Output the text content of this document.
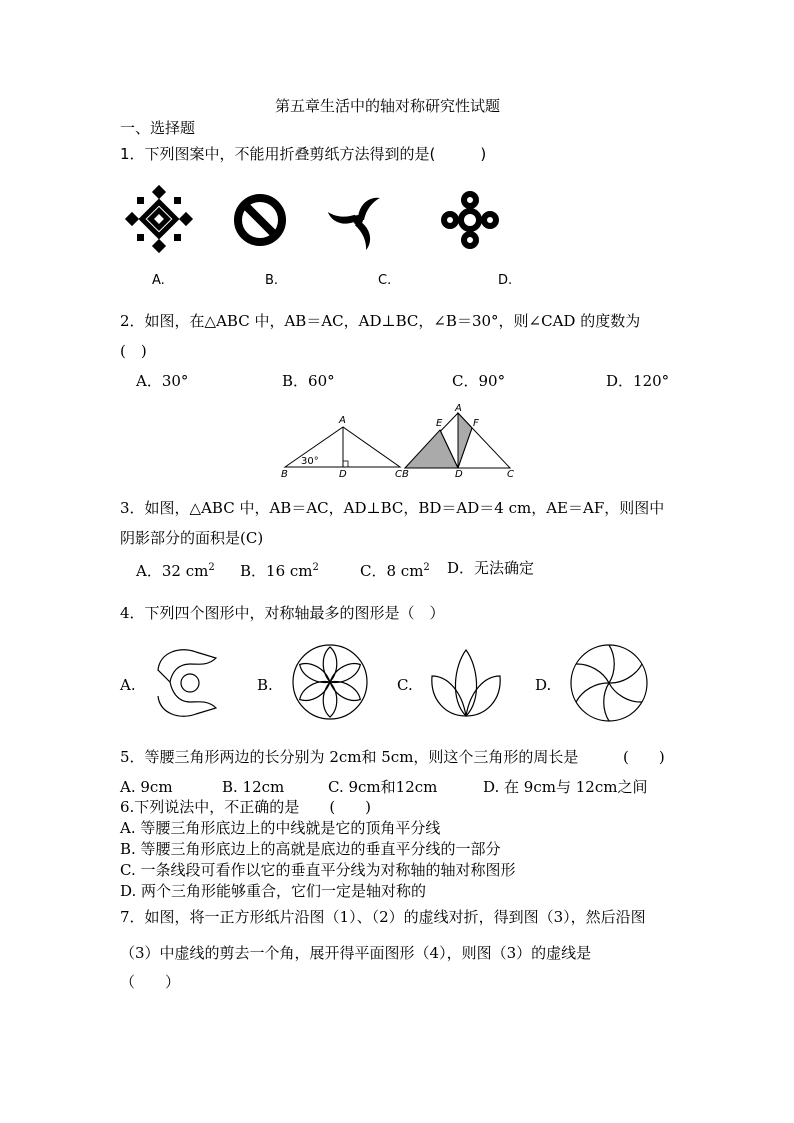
第五章生活中的轴对称研究性试题
一、选择题
1．下列图案中，不能用折叠剪纸方法得到的是(　　　)
A.	B.	C.	D.
2．如图，在△ABC 中，AB＝AC，AD⊥BC，∠B＝30°，则∠CAD 的度数为
(　)
A．30°	B．60°	C．90°	D．120°
A
B	D	C
30°
A
E	F
B	D	C
3．如图，△ABC 中，AB＝AC，AD⊥BC，BD＝AD＝4 cm，AE＝AF，则图中
阴影部分的面积是(C)
A．32 $cm^2$ B．16 $cm^2$	C．8 $cm^2$ D．无法确定
4．下列四个图形中，对称轴最多的图形是（　）
A.	B.	C.	D.
5．等腰三角形两边的长分别为 2cm和 5cm，则这个三角形的周长是	(　　)
A. 9cm	B. 12cm	C. 9cm和12cm	D. 在 9cm与 12cm之间
6.下列说法中，不正确的是　　(　　)
A. 等腰三角形底边上的中线就是它的顶角平分线
B. 等腰三角形底边上的高就是底边的垂直平分线的一部分
C. 一条线段可看作以它的垂直平分线为对称轴的轴对称图形
D. 两个三角形能够重合，它们一定是轴对称的
7．如图，将一正方形纸片沿图（1）、（2）的虚线对折，得到图（3），然后沿图
（3）中虚线的剪去一个角，展开得平面图形（4），则图（3）的虚线是
（　　）
